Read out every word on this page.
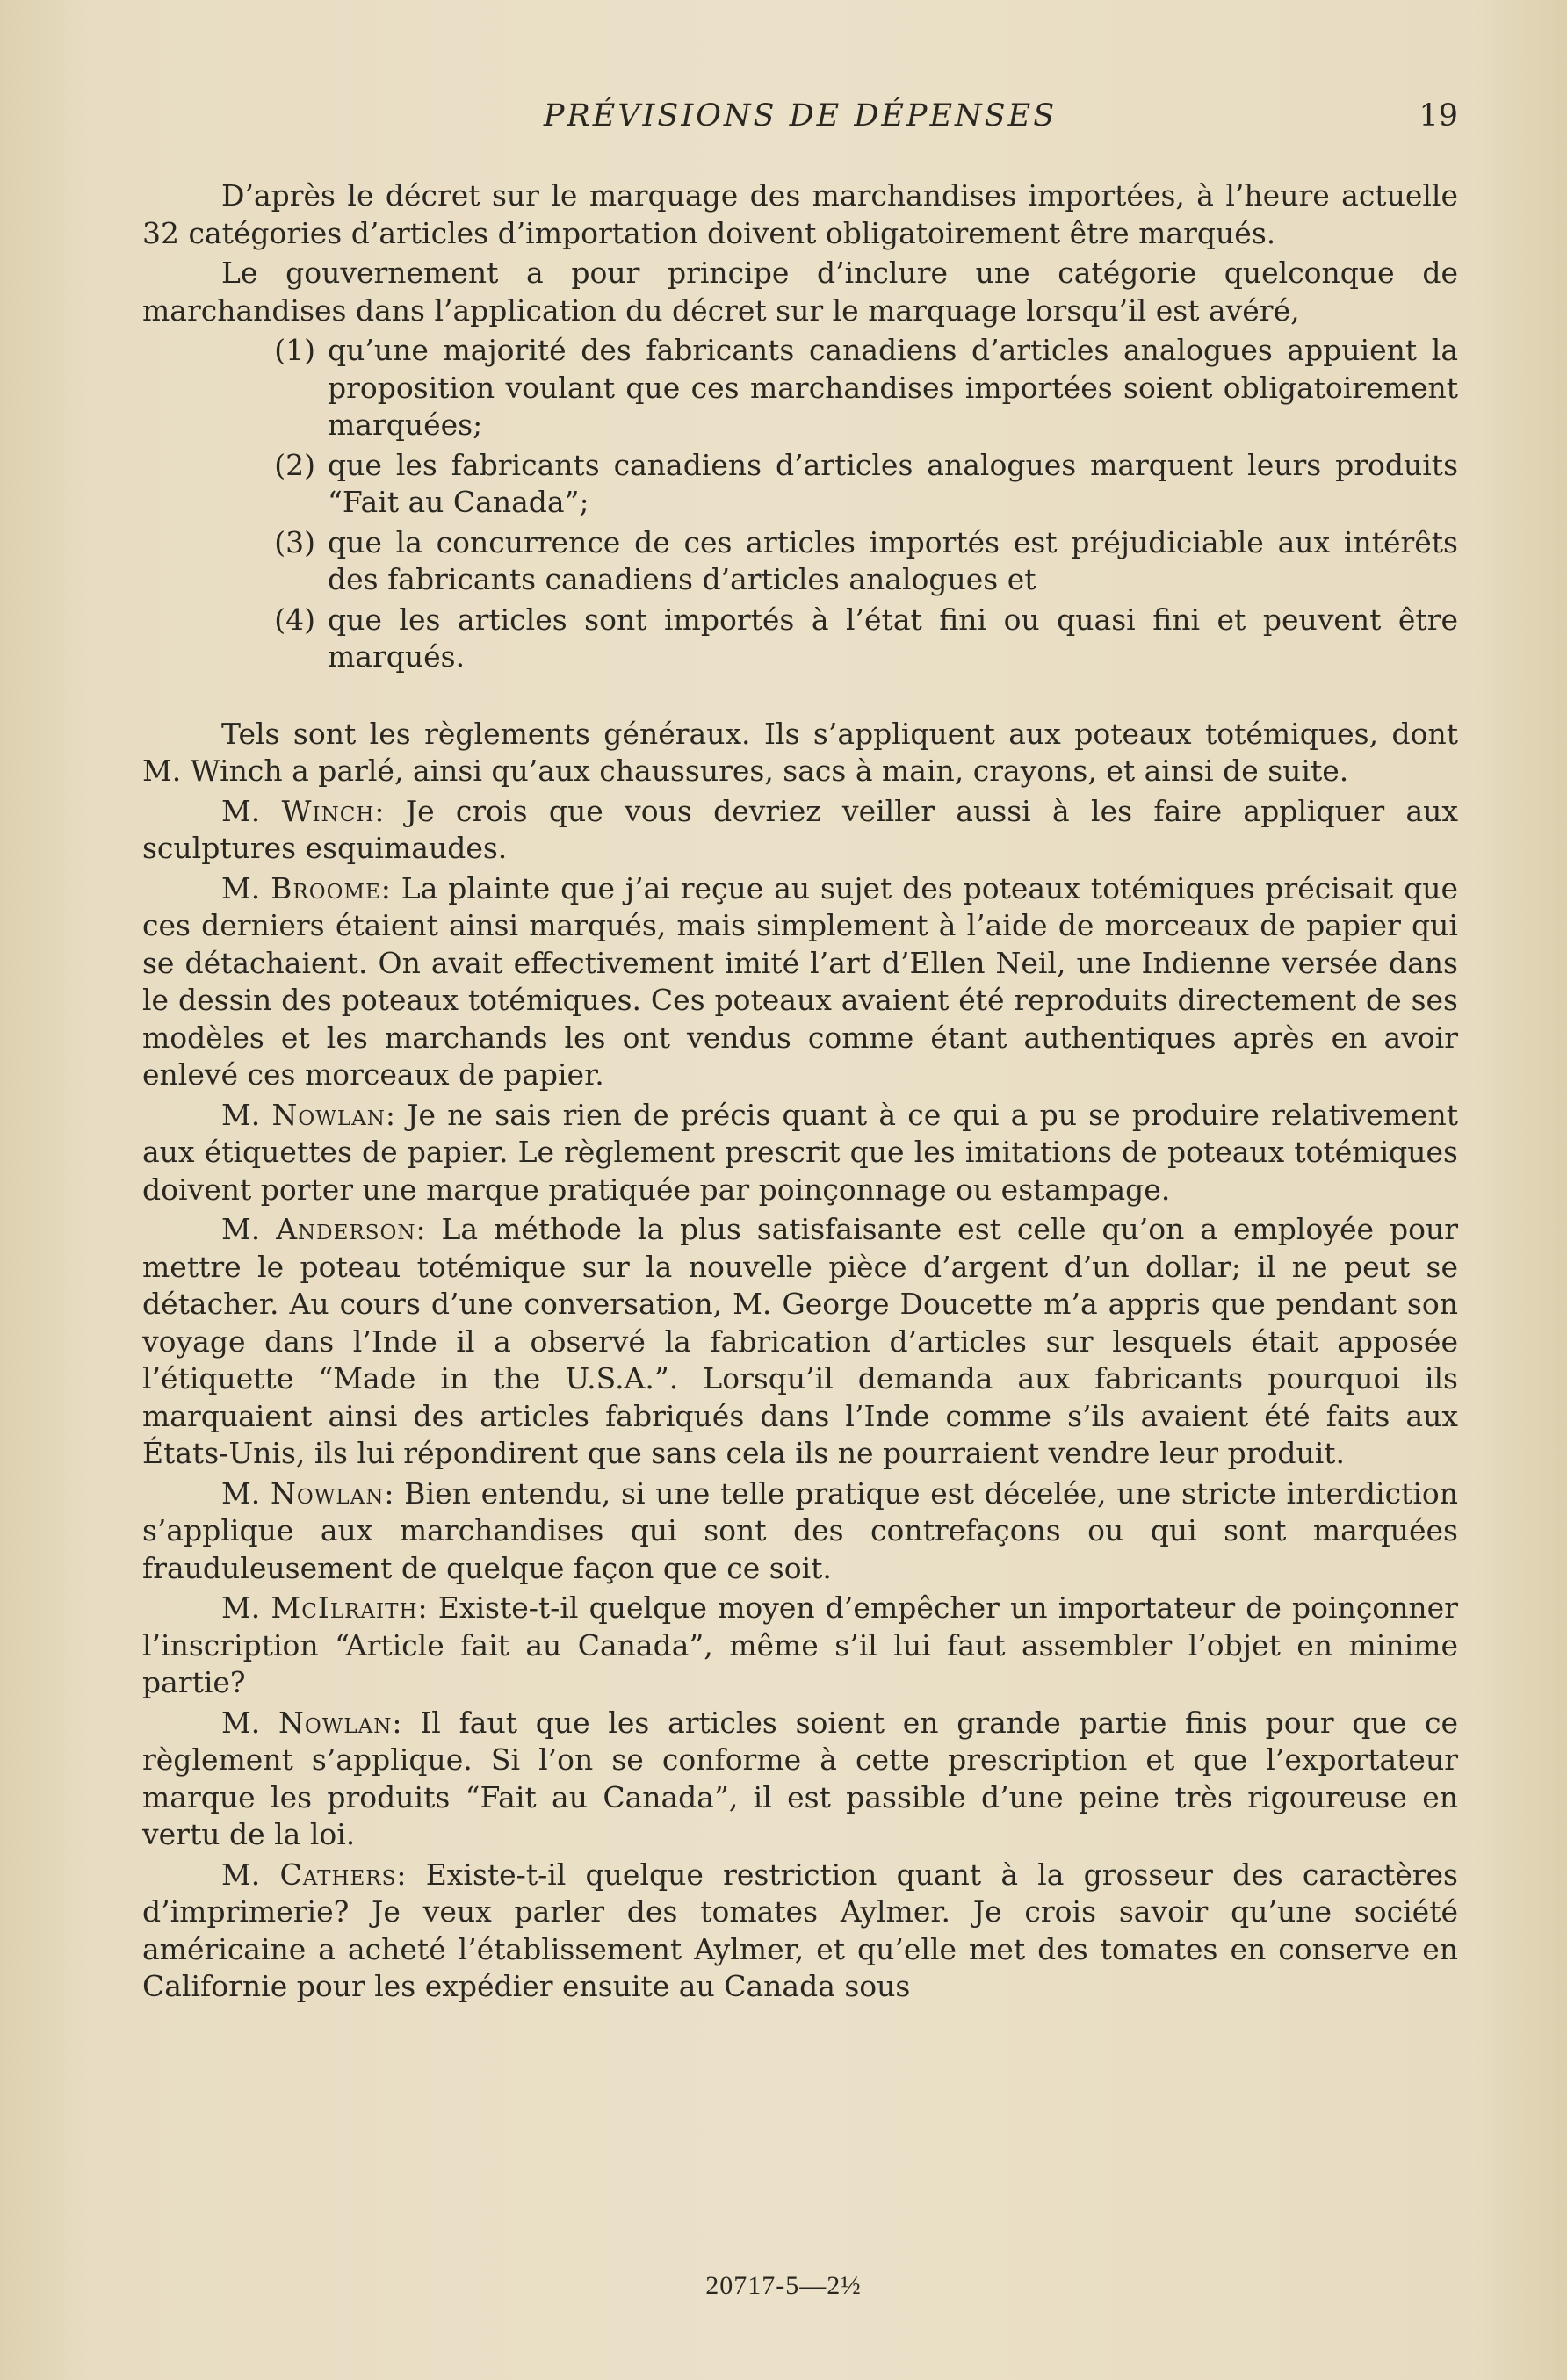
PRÉVISIONS DE DÉPENSES	19

D’après le décret sur le marquage des marchandises importées, à l’heure actuelle 32 catégories d’articles d’importation doivent obligatoirement être marqués.

Le gouvernement a pour principe d’inclure une catégorie quelconque de marchandises dans l’application du décret sur le marquage lorsqu’il est avéré,

(1) qu’une majorité des fabricants canadiens d’articles analogues appuient la proposition voulant que ces marchandises importées soient obligatoirement marquées;
(2) que les fabricants canadiens d’articles analogues marquent leurs produits “Fait au Canada”;
(3) que la concurrence de ces articles importés est préjudiciable aux intérêts des fabricants canadiens d’articles analogues et
(4) que les articles sont importés à l’état fini ou quasi fini et peuvent être marqués.

Tels sont les règlements généraux. Ils s’appliquent aux poteaux totémiques, dont M. Winch a parlé, ainsi qu’aux chaussures, sacs à main, crayons, et ainsi de suite.

M. Winch: Je crois que vous devriez veiller aussi à les faire appliquer aux sculptures esquimaudes.

M. Broome: La plainte que j’ai reçue au sujet des poteaux totémiques précisait que ces derniers étaient ainsi marqués, mais simplement à l’aide de morceaux de papier qui se détachaient. On avait effectivement imité l’art d’Ellen Neil, une Indienne versée dans le dessin des poteaux totémiques. Ces poteaux avaient été reproduits directement de ses modèles et les marchands les ont vendus comme étant authentiques après en avoir enlevé ces morceaux de papier.

M. Nowlan: Je ne sais rien de précis quant à ce qui a pu se produire relativement aux étiquettes de papier. Le règlement prescrit que les imitations de poteaux totémiques doivent porter une marque pratiquée par poinçonnage ou estampage.

M. Anderson: La méthode la plus satisfaisante est celle qu’on a employée pour mettre le poteau totémique sur la nouvelle pièce d’argent d’un dollar; il ne peut se détacher. Au cours d’une conversation, M. George Doucette m’a appris que pendant son voyage dans l’Inde il a observé la fabrication d’articles sur lesquels était apposée l’étiquette “Made in the U.S.A.”. Lorsqu’il demanda aux fabricants pourquoi ils marquaient ainsi des articles fabriqués dans l’Inde comme s’ils avaient été faits aux États-Unis, ils lui répondirent que sans cela ils ne pourraient vendre leur produit.

M. Nowlan: Bien entendu, si une telle pratique est décelée, une stricte interdiction s’applique aux marchandises qui sont des contrefaçons ou qui sont marquées frauduleusement de quelque façon que ce soit.

M. McIlraith: Existe-t-il quelque moyen d’empêcher un importateur de poinçonner l’inscription “Article fait au Canada”, même s’il lui faut assembler l’objet en minime partie?

M. Nowlan: Il faut que les articles soient en grande partie finis pour que ce règlement s’applique. Si l’on se conforme à cette prescription et que l’exportateur marque les produits “Fait au Canada”, il est passible d’une peine très rigoureuse en vertu de la loi.

M. Cathers: Existe-t-il quelque restriction quant à la grosseur des caractères d’imprimerie? Je veux parler des tomates Aylmer. Je crois savoir qu’une société américaine a acheté l’établissement Aylmer, et qu’elle met des tomates en conserve en Californie pour les expédier ensuite au Canada sous

20717-5—2½
